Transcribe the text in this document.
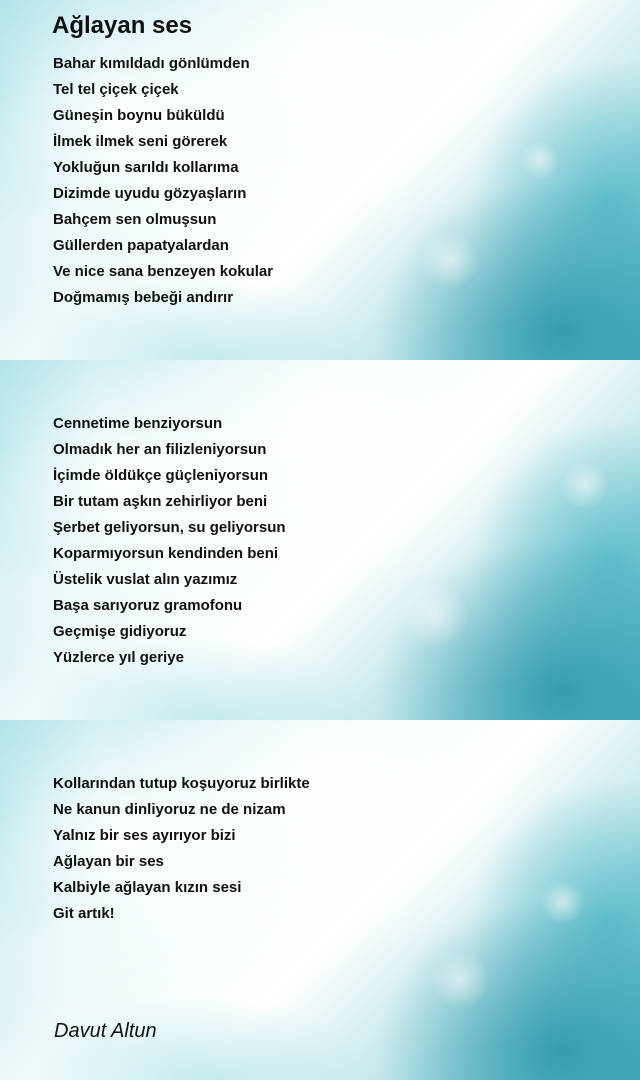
Ağlayan ses
Bahar kımıldadı gönlümden
Tel tel çiçek çiçek
Güneşin boynu büküldü
İlmek ilmek seni görerek
Yokluğun sarıldı kollarıma
Dizimde uyudu gözyaşların
Bahçem sen olmuşsun
Güllerden papatyalardan
Ve nice sana benzeyen kokular
Doğmamış bebeği andırır
Cennetime benziyorsun
Olmadık her an filizleniyorsun
İçimde öldükçe güçleniyorsun
Bir tutam aşkın zehirliyor beni
Şerbet geliyorsun, su geliyorsun
Koparmıyorsun kendinden beni
Üstelik vuslat alın yazımız
Başa sarıyoruz gramofonu
Geçmişe gidiyoruz
Yüzlerce yıl geriye
Kollarından tutup koşuyoruz birlikte
Ne kanun dinliyoruz ne de nizam
Yalnız bir ses ayırıyor bizi
Ağlayan bir ses
Kalbiyle ağlayan kızın sesi
Git artık!
Davut Altun
